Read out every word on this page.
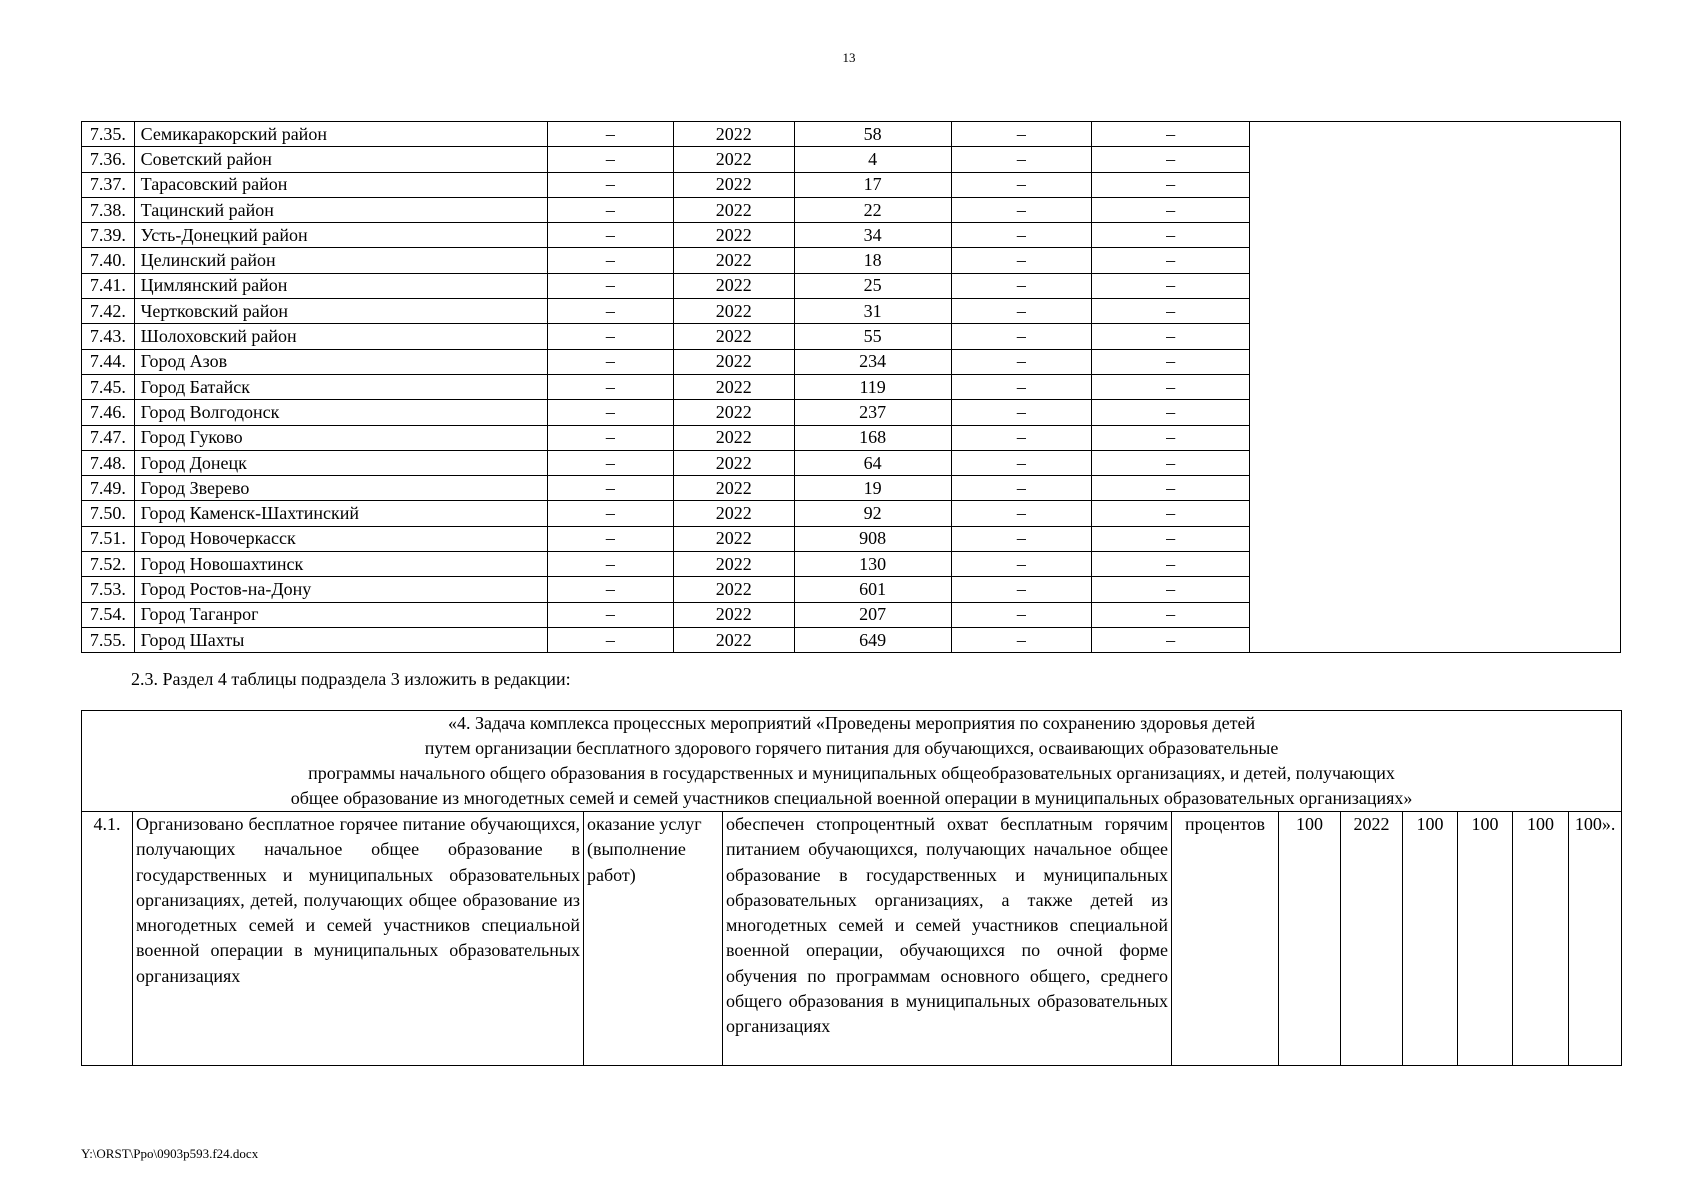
13
7.35.	Семикаракорский район	–	2022	58	–	–	
7.36.	Советский район	–	2022	4	–	–	
7.37.	Тарасовский район	–	2022	17	–	–	
7.38.	Тацинский район	–	2022	22	–	–	
7.39.	Усть-Донецкий район	–	2022	34	–	–	
7.40.	Целинский район	–	2022	18	–	–	
7.41.	Цимлянский район	–	2022	25	–	–	
7.42.	Чертковский район	–	2022	31	–	–	
7.43.	Шолоховский район	–	2022	55	–	–	
7.44.	Город Азов	–	2022	234	–	–	
7.45.	Город Батайск	–	2022	119	–	–	
7.46.	Город Волгодонск	–	2022	237	–	–	
7.47.	Город Гуково	–	2022	168	–	–	
7.48.	Город Донецк	–	2022	64	–	–	
7.49.	Город Зверево	–	2022	19	–	–	
7.50.	Город Каменск-Шахтинский	–	2022	92	–	–	
7.51.	Город Новочеркасск	–	2022	908	–	–	
7.52.	Город Новошахтинск	–	2022	130	–	–	
7.53.	Город Ростов-на-Дону	–	2022	601	–	–	
7.54.	Город Таганрог	–	2022	207	–	–	
7.55.	Город Шахты	–	2022	649	–	–	
2.3. Раздел 4 таблицы подраздела 3 изложить в редакции:
«4. Задача комплекса процессных мероприятий «Проведены мероприятия по сохранению здоровья детей
путем организации бесплатного здорового горячего питания для обучающихся, осваивающих образовательные
программы начального общего образования в государственных и муниципальных общеобразовательных организациях, и детей, получающих
общее образование из многодетных семей и семей участников специальной военной операции в муниципальных образовательных организациях»

4.1.	Организовано бесплатное горячее питание обучающихся, получающих начальное общее образование в государственных и муниципальных образовательных организациях, детей, получающих общее образование из многодетных семей и семей участников специальной военной операции в муниципальных образовательных организациях	оказание услуг (выполнение работ)	обеспечен стопроцентный охват бесплатным горячим питанием обучающихся, получающих начальное общее образование в государственных и муниципальных образовательных организациях, а также детей из многодетных семей и семей участников специальной военной операции, обучающихся по очной форме обучения по программам основного общего, среднего общего образования в муниципальных образовательных организациях	процентов	100	2022	100	100	100	100».
Y:\ORST\Ppo\0903p593.f24.docx
